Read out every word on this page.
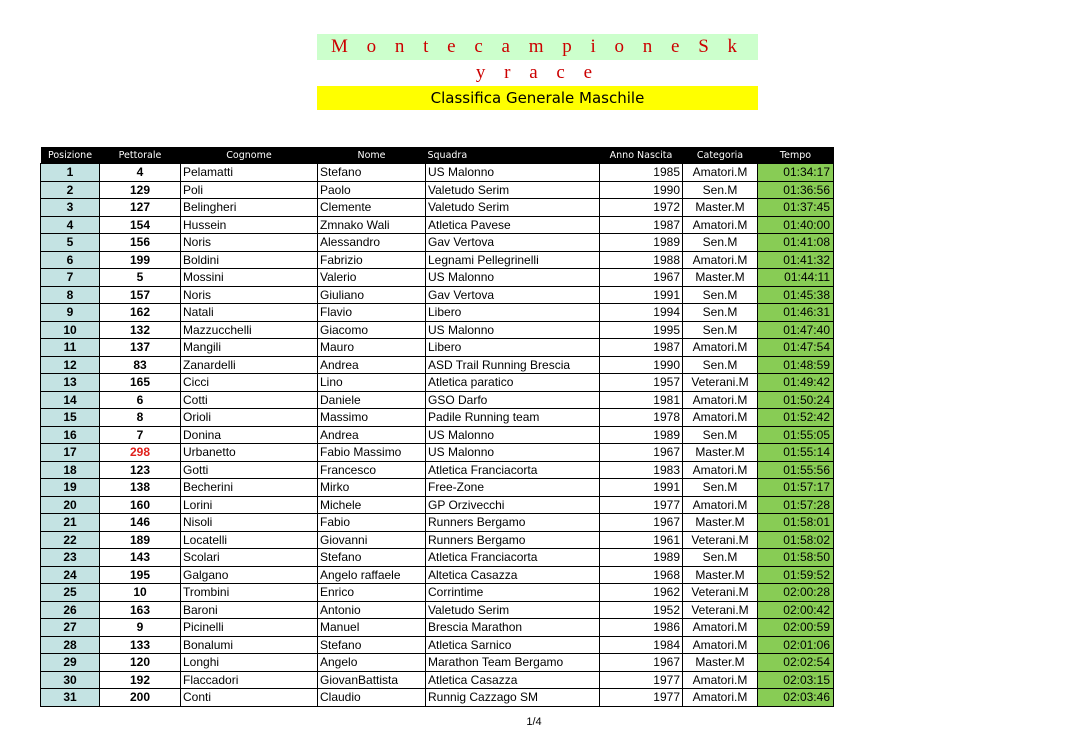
M o n t e c a m p i o n e S k y r a c e
Classifica Generale Maschile
Posizione	Pettorale	Cognome	Nome	Squadra	Anno Nascita	Categoria	Tempo
1	4	Pelamatti	Stefano	US Malonno	1985	Amatori.M	01:34:17
2	129	Poli	Paolo	Valetudo Serim	1990	Sen.M	01:36:56
3	127	Belingheri	Clemente	Valetudo Serim	1972	Master.M	01:37:45
4	154	Hussein	Zmnako Wali	Atletica Pavese	1987	Amatori.M	01:40:00
5	156	Noris	Alessandro	Gav Vertova	1989	Sen.M	01:41:08
6	199	Boldini	Fabrizio	Legnami Pellegrinelli	1988	Amatori.M	01:41:32
7	5	Mossini	Valerio	US Malonno	1967	Master.M	01:44:11
8	157	Noris	Giuliano	Gav Vertova	1991	Sen.M	01:45:38
9	162	Natali	Flavio	Libero	1994	Sen.M	01:46:31
10	132	Mazzucchelli	Giacomo	US Malonno	1995	Sen.M	01:47:40
11	137	Mangili	Mauro	Libero	1987	Amatori.M	01:47:54
12	83	Zanardelli	Andrea	ASD Trail Running Brescia	1990	Sen.M	01:48:59
13	165	Cicci	Lino	Atletica paratico	1957	Veterani.M	01:49:42
14	6	Cotti	Daniele	GSO Darfo	1981	Amatori.M	01:50:24
15	8	Orioli	Massimo	Padile Running team	1978	Amatori.M	01:52:42
16	7	Donina	Andrea	US Malonno	1989	Sen.M	01:55:05
17	298	Urbanetto	Fabio Massimo	US Malonno	1967	Master.M	01:55:14
18	123	Gotti	Francesco	Atletica Franciacorta	1983	Amatori.M	01:55:56
19	138	Becherini	Mirko	Free-Zone	1991	Sen.M	01:57:17
20	160	Lorini	Michele	GP Orzivecchi	1977	Amatori.M	01:57:28
21	146	Nisoli	Fabio	Runners Bergamo	1967	Master.M	01:58:01
22	189	Locatelli	Giovanni	Runners Bergamo	1961	Veterani.M	01:58:02
23	143	Scolari	Stefano	Atletica Franciacorta	1989	Sen.M	01:58:50
24	195	Galgano	Angelo raffaele	Altetica Casazza	1968	Master.M	01:59:52
25	10	Trombini	Enrico	Corrintime	1962	Veterani.M	02:00:28
26	163	Baroni	Antonio	Valetudo Serim	1952	Veterani.M	02:00:42
27	9	Picinelli	Manuel	Brescia Marathon	1986	Amatori.M	02:00:59
28	133	Bonalumi	Stefano	Atletica Sarnico	1984	Amatori.M	02:01:06
29	120	Longhi	Angelo	Marathon Team Bergamo	1967	Master.M	02:02:54
30	192	Flaccadori	GiovanBattista	Atletica Casazza	1977	Amatori.M	02:03:15
31	200	Conti	Claudio	Runnig Cazzago SM	1977	Amatori.M	02:03:46
1/4
